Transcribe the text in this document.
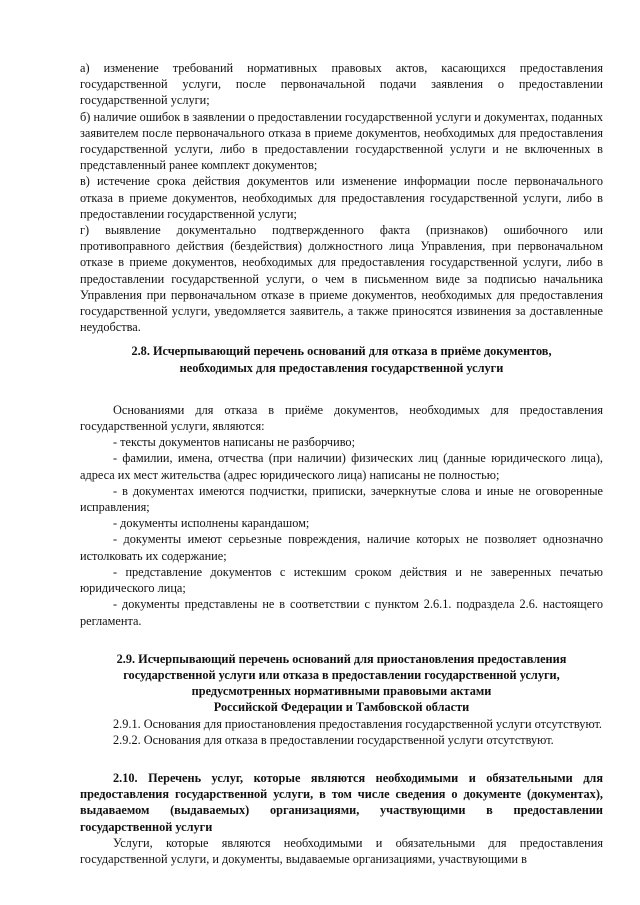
а) изменение требований нормативных правовых актов, касающихся предоставления государственной услуги, после первоначальной подачи заявления о предоставлении государственной услуги;

б) наличие ошибок в заявлении о предоставлении государственной услуги и документах, поданных заявителем после первоначального отказа в приеме документов, необходимых для предоставления государственной услуги, либо в предоставлении государственной услуги и не включенных в представленный ранее комплект документов;

в) истечение срока действия документов или изменение информации после первоначального отказа в приеме документов, необходимых для предоставления государственной услуги, либо в предоставлении государственной услуги;

г) выявление документально подтвержденного факта (признаков) ошибочного или противоправного действия (бездействия) должностного лица Управления, при первоначальном отказе в приеме документов, необходимых для предоставления государственной услуги, либо в предоставлении государственной услуги, о чем в письменном виде за подписью начальника Управления при первоначальном отказе в приеме документов, необходимых для предоставления государственной услуги, уведомляется заявитель, а также приносятся извинения за доставленные неудобства.

2.8. Исчерпывающий перечень оснований для отказа в приёме документов, необходимых для предоставления государственной услуги

Основаниями для отказа в приёме документов, необходимых для предоставления государственной услуги, являются:

- тексты документов написаны не разборчиво;

- фамилии, имена, отчества (при наличии) физических лиц (данные юридического лица), адреса их мест жительства (адрес юридического лица) написаны не полностью;

- в документах имеются подчистки, приписки, зачеркнутые слова и иные не оговоренные исправления;

- документы исполнены карандашом;

- документы имеют серьезные повреждения, наличие которых не позволяет однозначно истолковать их содержание;

- представление документов с истекшим сроком действия и не заверенных печатью юридического лица;

- документы представлены не в соответствии с пунктом 2.6.1. подраздела 2.6. настоящего регламента.

2.9. Исчерпывающий перечень оснований для приостановления предоставления

государственной услуги или отказа в предоставлении государственной услуги,

предусмотренных нормативными правовыми актами

Российской Федерации и Тамбовской области

2.9.1. Основания для приостановления предоставления государственной услуги отсутствуют.

2.9.2. Основания для отказа в предоставлении государственной услуги отсутствуют.

2.10. Перечень услуг, которые являются необходимыми и обязательными для предоставления государственной услуги, в том числе сведения о документе (документах), выдаваемом (выдаваемых) организациями, участвующими в предоставлении государственной услуги

Услуги, которые являются необходимыми и обязательными для предоставления государственной услуги, и документы, выдаваемые организациями, участвующими в
